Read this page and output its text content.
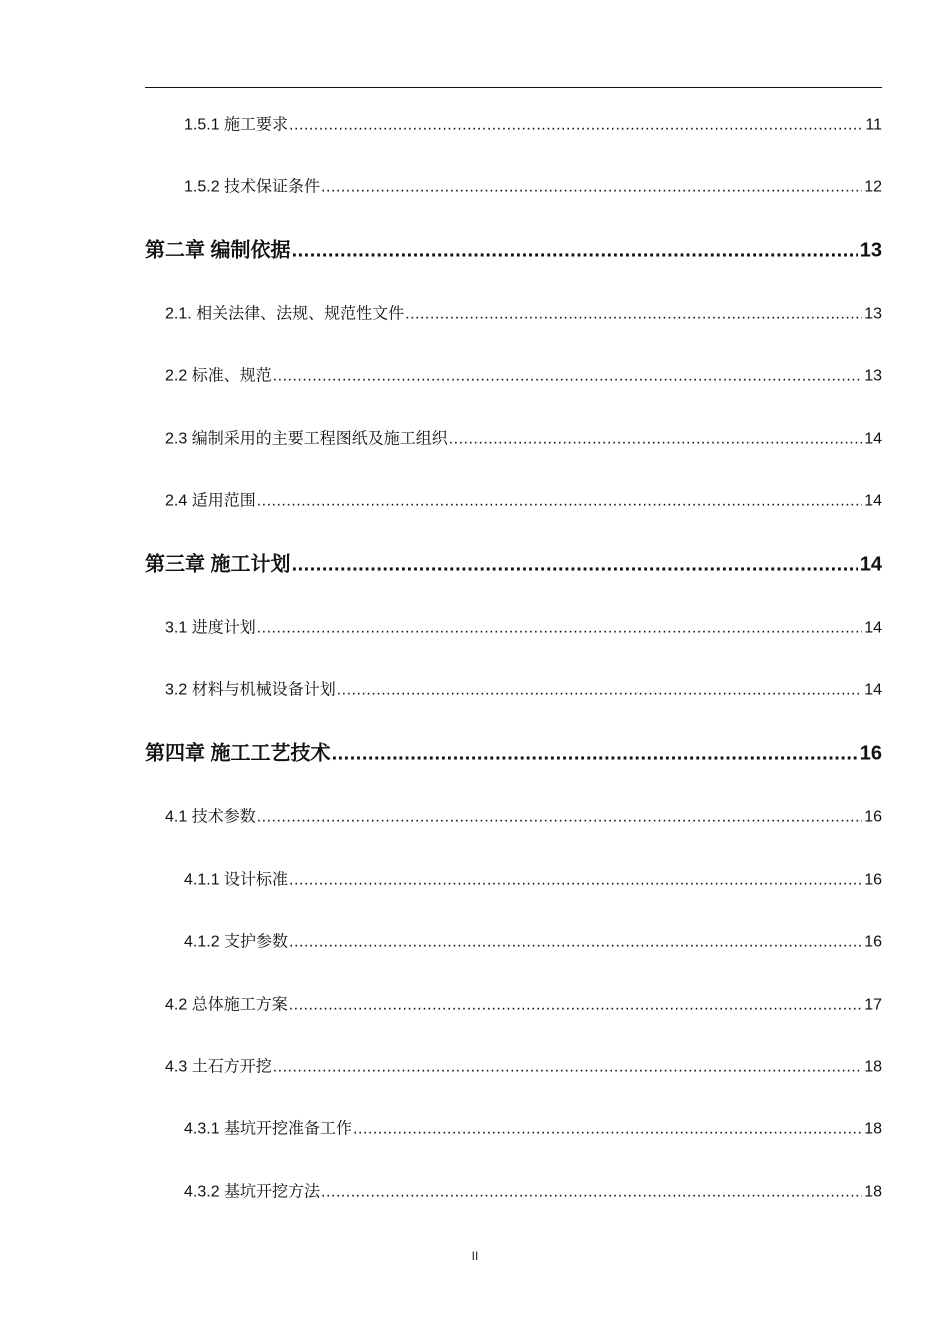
1.5.1 施工要求 .....	11
1.5.2 技术保证条件 .....	12
第二章 编制依据 .....	13
2.1. 相关法律、法规、规范性文件 .....	13
2.2 标准、规范 .....	13
2.3 编制采用的主要工程图纸及施工组织 .....	14
2.4 适用范围 .....	14
第三章 施工计划 .....	14
3.1 进度计划 .....	14
3.2 材料与机械设备计划 .....	14
第四章 施工工艺技术 .....	16
4.1 技术参数 .....	16
4.1.1 设计标准 .....	16
4.1.2 支护参数 .....	16
4.2 总体施工方案 .....	17
4.3 土石方开挖 .....	18
4.3.1 基坑开挖准备工作 .....	18
4.3.2 基坑开挖方法 .....	18
II
